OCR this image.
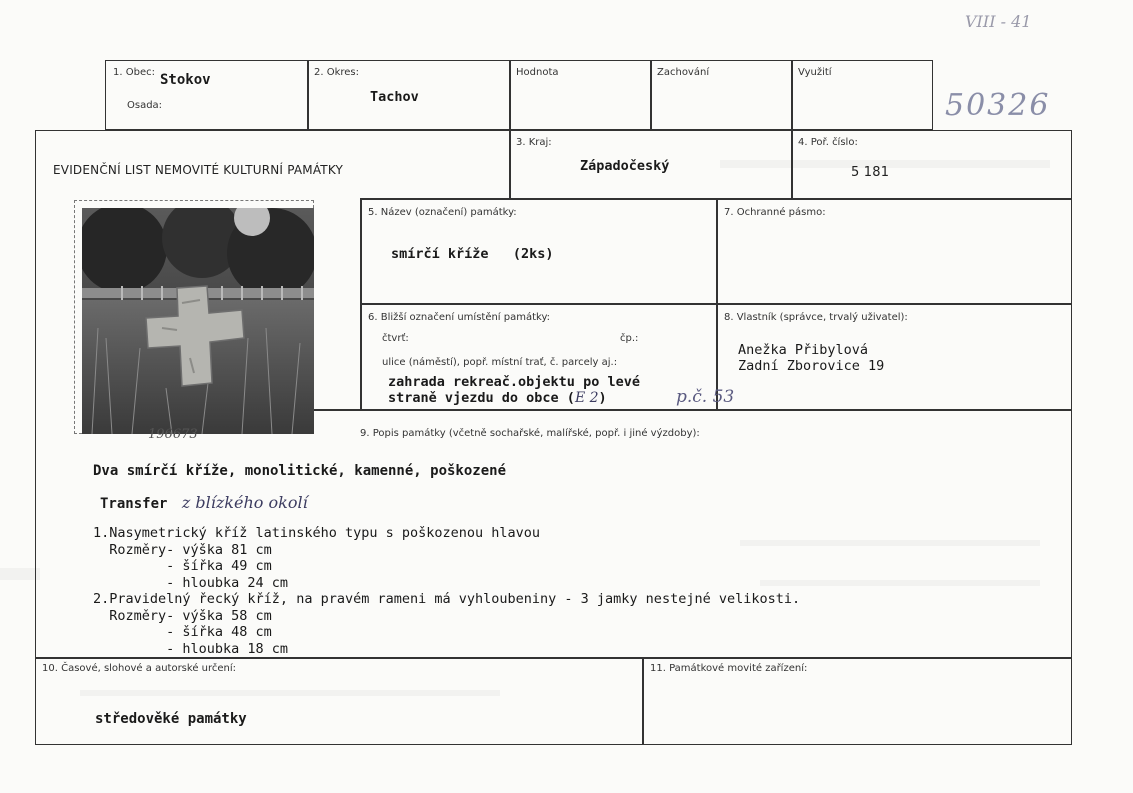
VIII - 41
50326
1. Obec: Stokov
Osada:
2. Okres:
Tachov
Hodnota	Zachování	Využití
EVIDENČNÍ LIST NEMOVITÉ KULTURNÍ PAMÁTKY
3. Kraj:
Západočeský
4. Poř. číslo:
5 181
196673
5. Název (označení) památky:
smírčí kříže   (2ks)
7. Ochranné pásmo:
6. Bližší označení umístění památky:
čtvrť:	čp.:
ulice (náměstí), popř. místní trať, č. parcely aj.:
zahrada rekreač.objektu po levé
straně vjezdu do obce (E 2)	p.č. 53
8. Vlastník (správce, trvalý uživatel):
Anežka Přibylová
Zadní Zborovice 19
9. Popis památky (včetně sochařské, malířské, popř. i jiné výzdoby):
Dva smírčí kříže, monolitické, kamenné, poškozené
Transfer z blízkého okolí
1.Nasymetrický kříž latinského typu s poškozenou hlavou
Rozměry- výška 81 cm
- šířka 49 cm
- hloubka 24 cm
2.Pravidelný řecký kříž, na pravém rameni má vyhloubeniny - 3 jamky nestejné velikosti.
Rozměry- výška 58 cm
- šířka 48 cm
- hloubka 18 cm
10. Časové, slohové a autorské určení:
středověké památky
11. Památkové movité zařízení:
